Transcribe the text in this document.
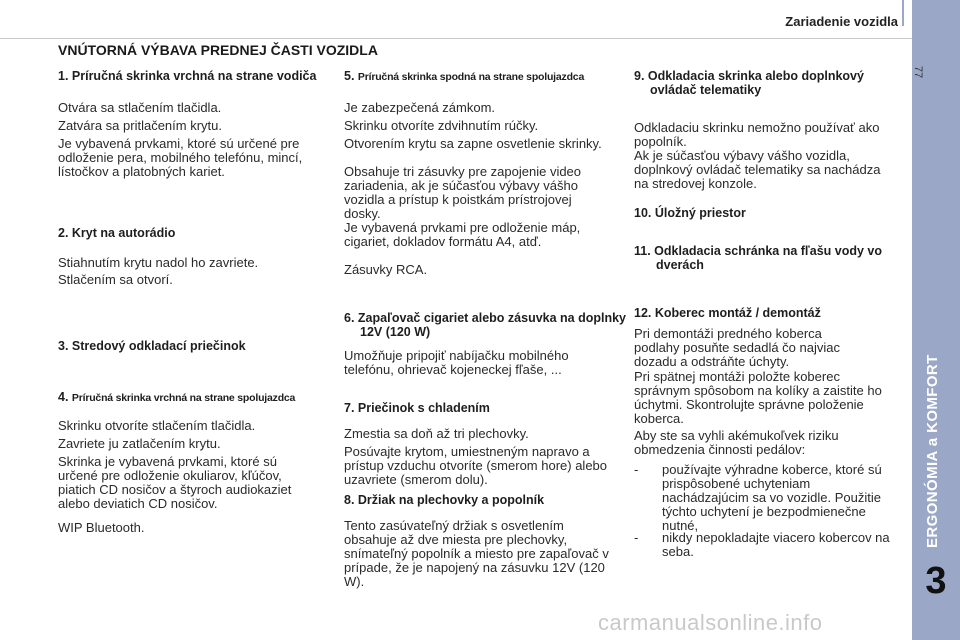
Zariadenie vozidla
77
ERGONÓMIA a KOMFORT
3
VNÚTORNÁ VÝBAVA PREDNEJ ČASTI VOZIDLA
1. Príručná skrinka vrchná na strane vodiča

Otvára sa stlačením tlačidla.

Zatvára sa pritlačením krytu.

Je vybavená prvkami, ktoré sú určené pre odloženie pera, mobilného telefónu, mincí, lístočkov a platobných kariet.

2. Kryt na autorádio

Stiahnutím krytu nadol ho zavriete.

Stlačením sa otvorí.

3. Stredový odkladací priečinok
4. Príručná skrinka vrchná na strane spolujazdca

Skrinku otvoríte stlačením tlačidla.

Zavriete ju zatlačením krytu.

Skrinka je vybavená prvkami, ktoré sú určené pre odloženie okuliarov, kľúčov, piatich CD nosičov a štyroch audiokaziet alebo deviatich CD nosičov.

WIP Bluetooth.

5. Príručná skrinka spodná na strane spolujazdca

Je zabezpečená zámkom.

Skrinku otvoríte zdvihnutím rúčky.

Otvorením krytu sa zapne osvetlenie skrinky.

Obsahuje tri zásuvky pre zapojenie video zariadenia, ak je súčasťou výbavy vášho vozidla a prístup k poistkám prístrojovej dosky.

Je vybavená prvkami pre odloženie máp, cigariet, dokladov formátu A4, atď.

Zásuvky RCA.

6. Zapaľovač cigariet alebo zásuvka na doplnky 12V (120 W)

Umožňuje pripojiť nabíjačku mobilného telefónu, ohrievač kojeneckej fľaše, ...

7. Priečinok s chladením

Zmestia sa doň až tri plechovky.

Posúvajte krytom, umiestneným napravo a prístup vzduchu otvoríte (smerom hore) alebo uzavriete (smerom dolu).

8. Držiak na plechovky a popolník

Tento zasúvateľný držiak s osvetlením obsahuje až dve miesta pre plechovky, snímateľný popolník a miesto pre zapaľovač v prípade, že je napojený na zásuvku 12V (120 W).

9. Odkladacia skrinka alebo doplnkový ovládač telematiky

Odkladaciu skrinku nemožno používať ako popolník.

Ak je súčasťou výbavy vášho vozidla, doplnkový ovládač telematiky sa nachádza na stredovej konzole.

10. Úložný priestor
11. Odkladacia schránka na fľašu vody vo dverách
12. Koberec montáž / demontáž

Pri demontáži predného koberca podlahy posuňte sedadlá čo najviac dozadu a odstráňte úchyty.

Pri spätnej montáži položte koberec správnym spôsobom na kolíky a zaistite ho úchytmi. Skontrolujte správne položenie koberca.

Aby ste sa vyhli akémukoľvek riziku obmedzenia činnosti pedálov:

-	používajte výhradne koberce, ktoré sú prispôsobené uchyteniam nachádzajúcim sa vo vozidle. Použitie týchto uchytení je bezpodmienečne nutné,
-	nikdy nepokladajte viacero kobercov na seba.
carmanualsonline.info
